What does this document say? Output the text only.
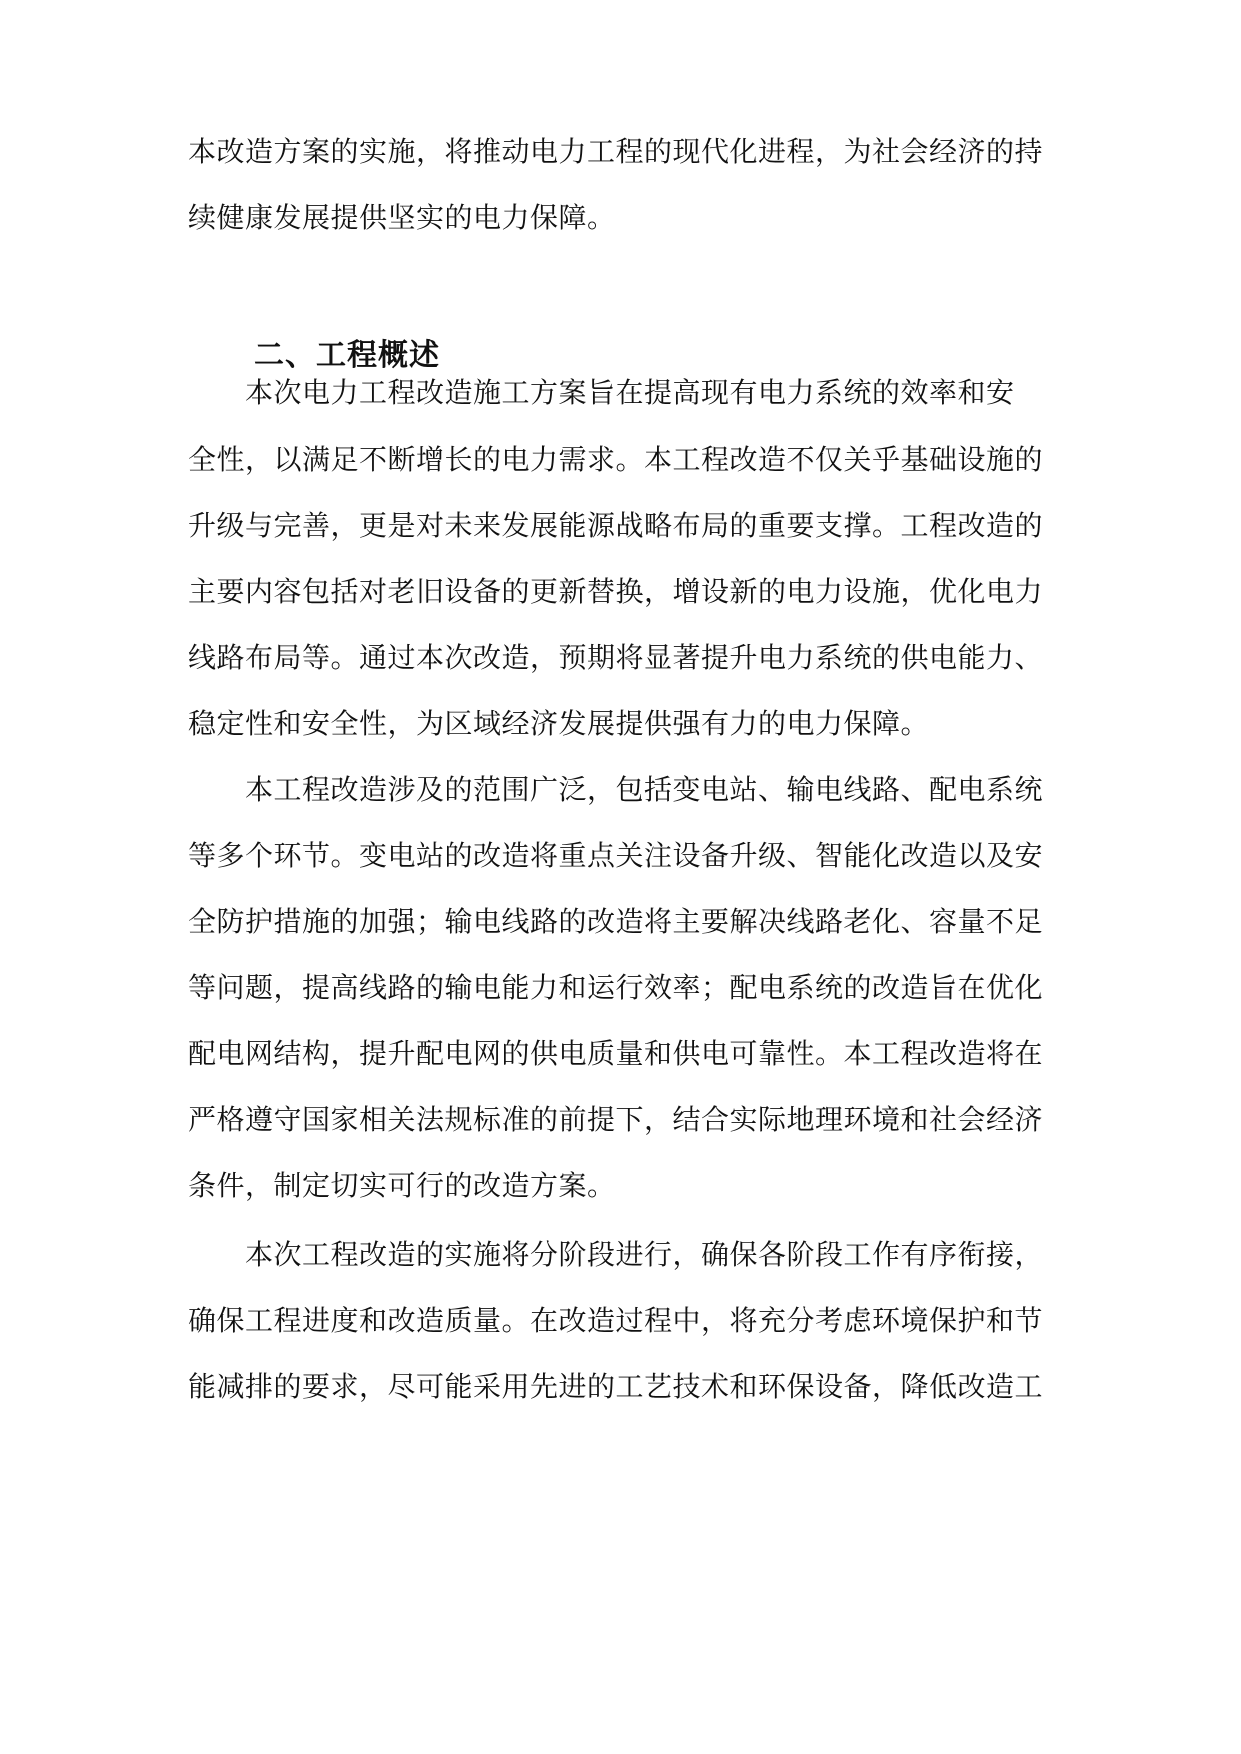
本改造方案的实施，将推动电力工程的现代化进程，为社会经济的持
续健康发展提供坚实的电力保障。
二、工程概述
本次电力工程改造施工方案旨在提高现有电力系统的效率和安
全性，以满足不断增长的电力需求。本工程改造不仅关乎基础设施的
升级与完善，更是对未来发展能源战略布局的重要支撑。工程改造的
主要内容包括对老旧设备的更新替换，增设新的电力设施，优化电力
线路布局等。通过本次改造，预期将显著提升电力系统的供电能力、
稳定性和安全性，为区域经济发展提供强有力的电力保障。
本工程改造涉及的范围广泛，包括变电站、输电线路、配电系统
等多个环节。变电站的改造将重点关注设备升级、智能化改造以及安
全防护措施的加强；输电线路的改造将主要解决线路老化、容量不足
等问题，提高线路的输电能力和运行效率；配电系统的改造旨在优化
配电网结构，提升配电网的供电质量和供电可靠性。本工程改造将在
严格遵守国家相关法规标准的前提下，结合实际地理环境和社会经济
条件，制定切实可行的改造方案。
本次工程改造的实施将分阶段进行，确保各阶段工作有序衔接，
确保工程进度和改造质量。在改造过程中，将充分考虑环境保护和节
能减排的要求，尽可能采用先进的工艺技术和环保设备，降低改造工
